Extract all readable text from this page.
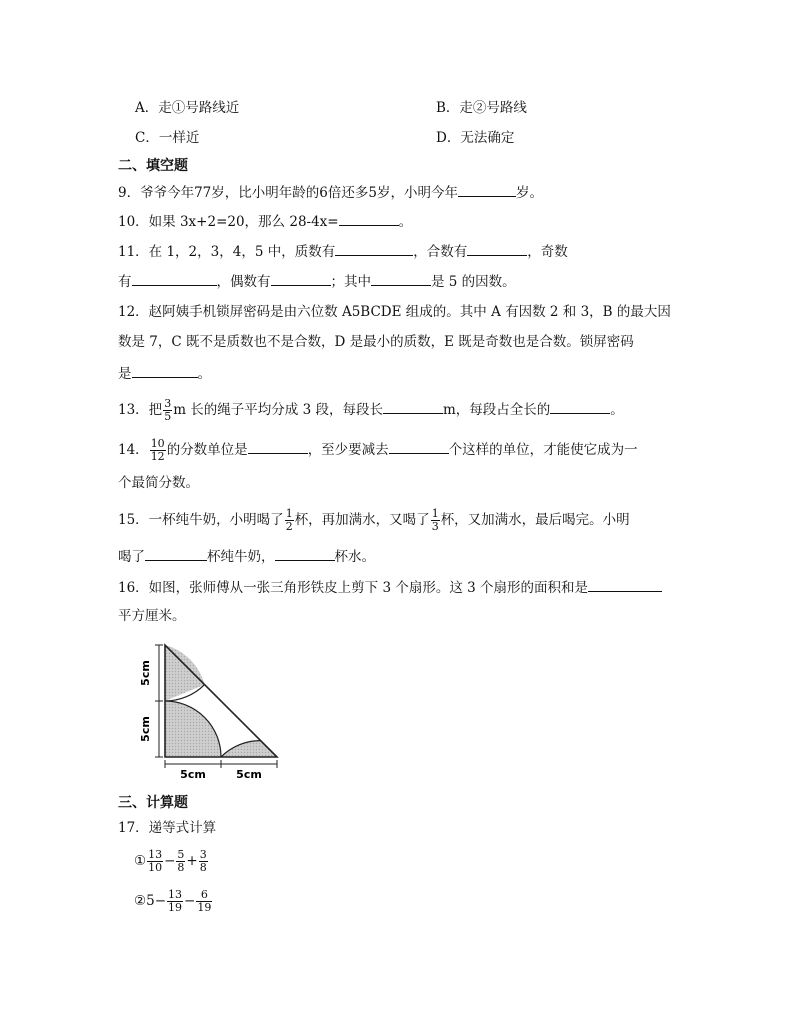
A．走①号路线近	B．走②号路线
C．一样近	D．无法确定
二、填空题
9．爷爷今年77岁，比小明年龄的6倍还多5岁，小明今年	岁。
10．如果 3x+2=20，那么 28-4x=	。
11．在 1，2，3，4，5 中，质数有	，合数有	，奇数
有	，偶数有	；其中	是 5 的因数。
12．赵阿姨手机锁屏密码是由六位数 A5BCDE 组成的。其中 A 有因数 2 和 3，B 的最大因
数是 7，C 既不是质数也不是合数，D 是最小的质数，E 既是奇数也是合数。锁屏密码
是	。
13．把 $\frac{3}{5}$ m 长的绳子平均分成 3 段，每段长	m，每段占全长的	。
14． $\frac{10}{12}$ 的分数单位是	，至少要减去	个这样的单位，才能使它成为一
个最简分数。
15．一杯纯牛奶，小明喝了 $\frac{1}{2}$ 杯，再加满水，又喝了 $\frac{1}{3}$ 杯，又加满水，最后喝完。小明
喝了	杯纯牛奶，	杯水。
16．如图，张师傅从一张三角形铁皮上剪下 3 个扇形。这 3 个扇形的面积和是
平方厘米。
5cm
5cm
5cm	5cm
三、计算题
17．递等式计算
① $\frac{13}{10} - \frac{5}{8} + \frac{3}{8}$
②5− $\frac{13}{19} - \frac{6}{19}$
